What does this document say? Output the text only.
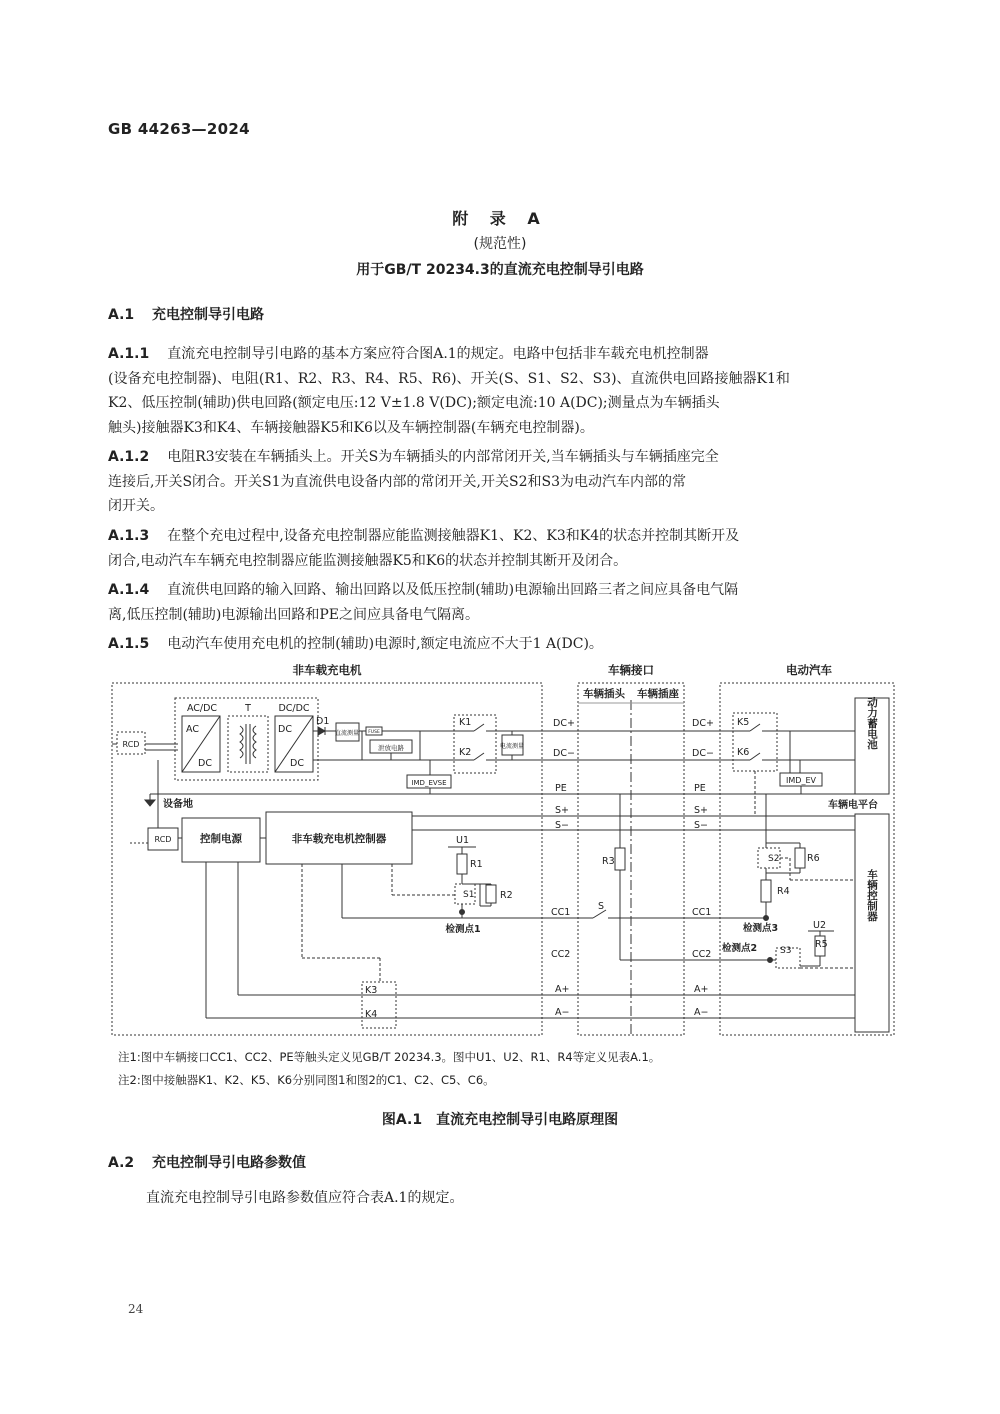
GB 44263—2024
附 录 A
(规范性)
用于GB/T 20234.3的直流充电控制导引电路
A.1 充电控制导引电路
A.1.1 直流充电控制导引电路的基本方案应符合图A.1的规定。电路中包括非车载充电机控制器
(设备充电控制器)、电阻(R1、R2、R3、R4、R5、R6)、开关(S、S1、S2、S3)、直流供电回路接触器K1和
K2、低压控制(辅助)供电回路(额定电压:12 V±1.8 V(DC);额定电流:10 A(DC);测量点为车辆插头
触头)接触器K3和K4、车辆接触器K5和K6以及车辆控制器(车辆充电控制器)。
A.1.2 电阻R3安装在车辆插头上。开关S为车辆插头的内部常闭开关,当车辆插头与车辆插座完全
连接后,开关S闭合。开关S1为直流供电设备内部的常闭开关,开关S2和S3为电动汽车内部的常
闭开关。
A.1.3 在整个充电过程中,设备充电控制器应能监测接触器K1、K2、K3和K4的状态并控制其断开及
闭合,电动汽车车辆充电控制器应能监测接触器K5和K6的状态并控制其断开及闭合。
A.1.4 直流供电回路的输入回路、输出回路以及低压控制(辅助)电源输出回路三者之间应具备电气隔
离,低压控制(辅助)电源输出回路和PE之间应具备电气隔离。
A.1.5 电动汽车使用充电机的控制(辅助)电源时,额定电流应不大于1 A(DC)。
非车载充电机	车辆接口	电动汽车
车辆插头 车辆插座
RCD
AC/DC
AC
DC
T	DC/DC
DC
DC
D1
直流测量 FUSE
泄放电路	电流测量
IMD_EVSE	IMD_EV
设备地
RCD	控制电源	非车载充电机控制器
车辆电平台
动力蓄电池
车辆控制器
DC+
DC−
PE
S+
S−
CC1
CC2
A+
A−
DC+
DC−
PE
S+
S−
CC1
CC2
A+
A−
K1
K2
K3
K4
K5
K6
U1
R1
R2
R3
R4
R5
R6
U2
S
S1
S2
S3
检测点1
检测点2
检测点3
注1:图中车辆接口CC1、CC2、PE等触头定义见GB/T 20234.3。图中U1、U2、R1、R4等定义见表A.1。
注2:图中接触器K1、K2、K5、K6分别同图1和图2的C1、C2、C5、C6。
图A.1　直流充电控制导引电路原理图
A.2 充电控制导引电路参数值
直流充电控制导引电路参数值应符合表A.1的规定。
24
